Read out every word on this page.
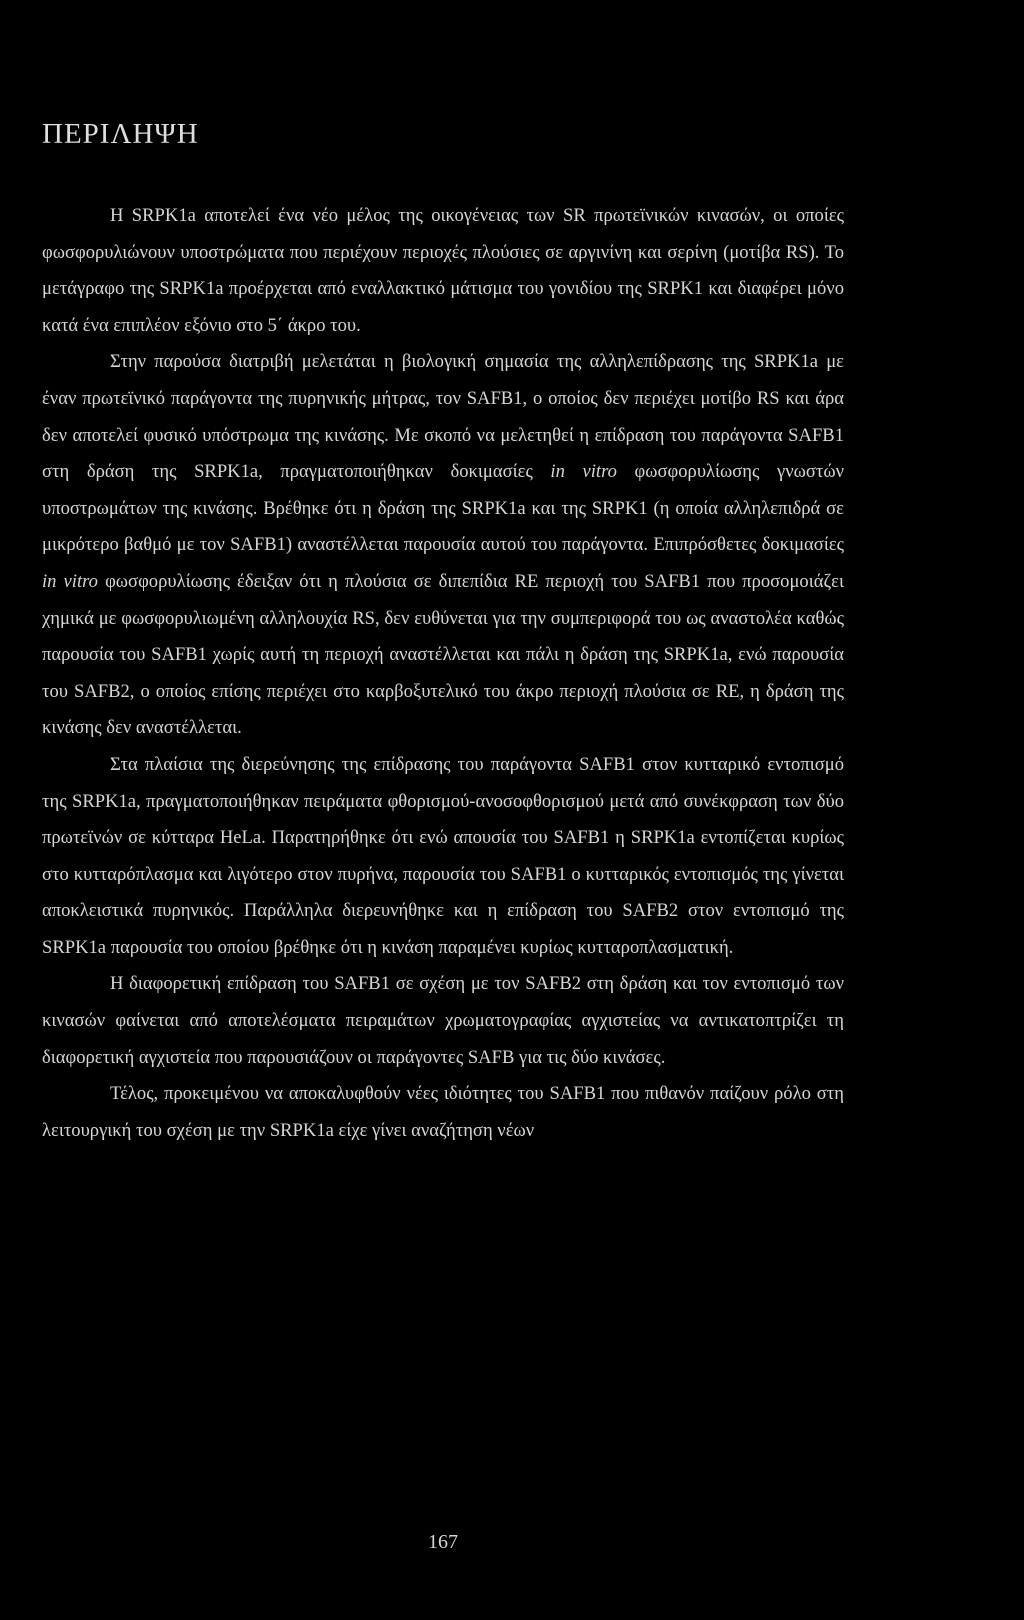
ΠΕΡΙΛΗΨΗ

Η SRPK1a αποτελεί ένα νέο μέλος της οικογένειας των SR πρωτεϊνικών κινασών, οι οποίες φωσφορυλιώνουν υποστρώματα που περιέχουν περιοχές πλούσιες σε αργινίνη και σερίνη (μοτίβα RS). Το μετάγραφο της SRPK1a προέρχεται από εναλλακτικό μάτισμα του γονιδίου της SRPK1 και διαφέρει μόνο κατά ένα επιπλέον εξόνιο στο 5΄ άκρο του.

Στην παρούσα διατριβή μελετάται η βιολογική σημασία της αλληλεπίδρασης της SRPK1a με έναν πρωτεϊνικό παράγοντα της πυρηνικής μήτρας, τον SAFB1, ο οποίος δεν περιέχει μοτίβο RS και άρα δεν αποτελεί φυσικό υπόστρωμα της κινάσης. Με σκοπό να μελετηθεί η επίδραση του παράγοντα SAFB1 στη δράση της SRPK1a, πραγματοποιήθηκαν δοκιμασίες in vitro φωσφορυλίωσης γνωστών υποστρωμάτων της κινάσης. Βρέθηκε ότι η δράση της SRPK1a και της SRPK1 (η οποία αλληλεπιδρά σε μικρότερο βαθμό με τον SAFB1) αναστέλλεται παρουσία αυτού του παράγοντα. Επιπρόσθετες δοκιμασίες in vitro φωσφορυλίωσης έδειξαν ότι η πλούσια σε διπεπίδια RE περιοχή του SAFB1 που προσομοιάζει χημικά με φωσφορυλιωμένη αλληλουχία RS, δεν ευθύνεται για την συμπεριφορά του ως αναστολέα καθώς παρουσία του SAFB1 χωρίς αυτή τη περιοχή αναστέλλεται και πάλι η δράση της SRPK1a, ενώ παρουσία του SAFB2, ο οποίος επίσης περιέχει στο καρβοξυτελικό του άκρο περιοχή πλούσια σε RE, η δράση της κινάσης δεν αναστέλλεται.

Στα πλαίσια της διερεύνησης της επίδρασης του παράγοντα SAFB1 στον κυτταρικό εντοπισμό της SRPK1a, πραγματοποιήθηκαν πειράματα φθορισμού-ανοσοφθορισμού μετά από συνέκφραση των δύο πρωτεϊνών σε κύτταρα HeLa. Παρατηρήθηκε ότι ενώ απουσία του SAFB1 η SRPK1a εντοπίζεται κυρίως στο κυτταρόπλασμα και λιγότερο στον πυρήνα, παρουσία του SAFB1 ο κυτταρικός εντοπισμός της γίνεται αποκλειστικά πυρηνικός. Παράλληλα διερευνήθηκε και η επίδραση του SAFB2 στον εντοπισμό της SRPK1a παρουσία του οποίου βρέθηκε ότι η κινάση παραμένει κυρίως κυτταροπλασματική.

Η διαφορετική επίδραση του SAFB1 σε σχέση με τον SAFB2 στη δράση και τον εντοπισμό των κινασών φαίνεται από αποτελέσματα πειραμάτων χρωματογραφίας αγχιστείας να αντικατοπτρίζει τη διαφορετική αγχιστεία που παρουσιάζουν οι παράγοντες SAFB για τις δύο κινάσες.

Τέλος, προκειμένου να αποκαλυφθούν νέες ιδιότητες του SAFB1 που πιθανόν παίζουν ρόλο στη λειτουργική του σχέση με την SRPK1a είχε γίνει αναζήτηση νέων

167
